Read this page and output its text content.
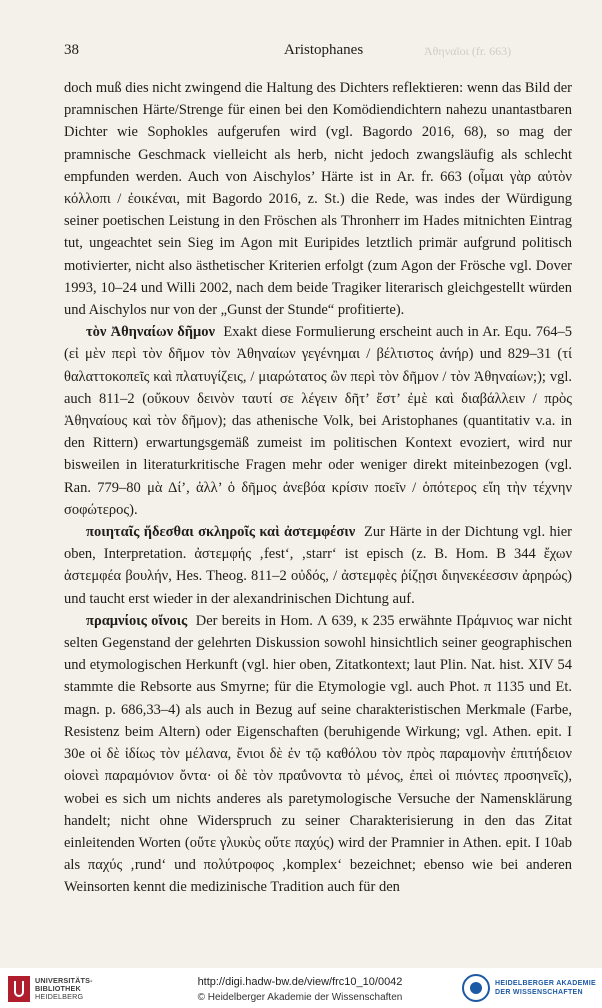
38	Aristophanes	Ἀθηναῖοι (fr. 663)

doch muß dies nicht zwingend die Haltung des Dichters reflektieren: wenn das Bild der pramnischen Härte/Strenge für einen bei den Komödiendichtern nahezu unantastbaren Dichter wie Sophokles aufgerufen wird (vgl. Bagordo 2016, 68), so mag der pramnische Geschmack vielleicht als herb, nicht jedoch zwangsläufig als schlecht empfunden werden. Auch von Aischylos’ Härte ist in Ar. fr. 663 (οἶμαι γὰρ αὐτὸν κόλλοπι / ἐοικέναι, mit Bagordo 2016, z. St.) die Rede, was indes der Würdigung seiner poetischen Leistung in den Fröschen als Thronherr im Hades mitnichten Eintrag tut, ungeachtet sein Sieg im Agon mit Euripides letztlich primär aufgrund politisch motivierter, nicht also ästhetischer Kriterien erfolgt (zum Agon der Frösche vgl. Dover 1993, 10–24 und Willi 2002, nach dem beide Tragiker literarisch gleichgestellt würden und Aischylos nur von der „Gunst der Stunde“ profitierte).

τὸν Ἀθηναίων δῆμον Exakt diese Formulierung erscheint auch in Ar. Equ. 764–5 (εἰ μὲν περὶ τὸν δῆμον τὸν Ἀθηναίων γεγένημαι / βέλτιστος ἀνήρ) und 829–31 (τί θαλαττοκοπεῖς καὶ πλατυγίζεις, / μιαρώτατος ὢν περὶ τὸν δῆμον / τὸν Ἀθηναίων;); vgl. auch 811–2 (οὔκουν δεινὸν ταυτί σε λέγειν δῆτ’ ἔστ’ ἐμὲ καὶ διαβάλλειν / πρὸς Ἀθηναίους καὶ τὸν δῆμον); das athenische Volk, bei Aristophanes (quantitativ v.a. in den Rittern) erwartungsgemäß zumeist im politischen Kontext evoziert, wird nur bisweilen in literaturkritische Fragen mehr oder weniger direkt miteinbezogen (vgl. Ran. 779–80 μὰ Δί’, ἀλλ’ ὁ δῆμος ἀνεβόα κρίσιν ποεῖν / ὁπότερος εἴη τὴν τέχνην σοφώτερος).

ποιηταῖς ἥδεσθαι σκληροῖς καὶ ἀστεμφέσιν Zur Härte in der Dichtung vgl. hier oben, Interpretation. ἀστεμφής ‚fest‘, ‚starr‘ ist episch (z. B. Hom. B 344 ἔχων ἀστεμφέα βουλήν, Hes. Theog. 811–2 οὐδός, / ἀστεμφὲς ῥίζῃσι διηνεκέεσσιν ἀρηρώς) und taucht erst wieder in der alexandrinischen Dichtung auf.

πραμνίοις οἴνοις Der bereits in Hom. Λ 639, κ 235 erwähnte Πράμνιος war nicht selten Gegenstand der gelehrten Diskussion sowohl hinsichtlich seiner geographischen und etymologischen Herkunft (vgl. hier oben, Zitatkontext; laut Plin. Nat. hist. XIV 54 stammte die Rebsorte aus Smyrne; für die Etymologie vgl. auch Phot. π 1135 und Et. magn. p. 686,33–4) als auch in Bezug auf seine charakteristischen Merkmale (Farbe, Resistenz beim Altern) oder Eigenschaften (beruhigende Wirkung; vgl. Athen. epit. I 30e οἱ δὲ ἰδίως τὸν μέλανα, ἔνιοι δὲ ἐν τῷ καθόλου τὸν πρὸς παραμονὴν ἐπιτήδειον οἱονεὶ παραμόνιον ὄντα· οἱ δὲ τὸν πραΰνοντα τὸ μένος, ἐπεὶ οἱ πιόντες προσηνεῖς), wobei es sich um nichts anderes als paretymologische Versuche der Namensklärung handelt; nicht ohne Widerspruch zu seiner Charakterisierung in den das Zitat einleitenden Worten (οὔτε γλυκὺς οὔτε παχύς) wird der Pramnier in Athen. epit. I 10ab als παχύς ‚rund‘ und πολύτροφος ‚komplex‘ bezeichnet; ebenso wie bei anderen Weinsorten kennt die medizinische Tradition auch für den

UNIVERSITÄTS-
BIBLIOTHEK
HEIDELBERG
http://digi.hadw-bw.de/view/frc10_10/0042
© Heidelberger Akademie der Wissenschaften
HEIDELBERGER AKADEMIE
DER WISSENSCHAFTEN
